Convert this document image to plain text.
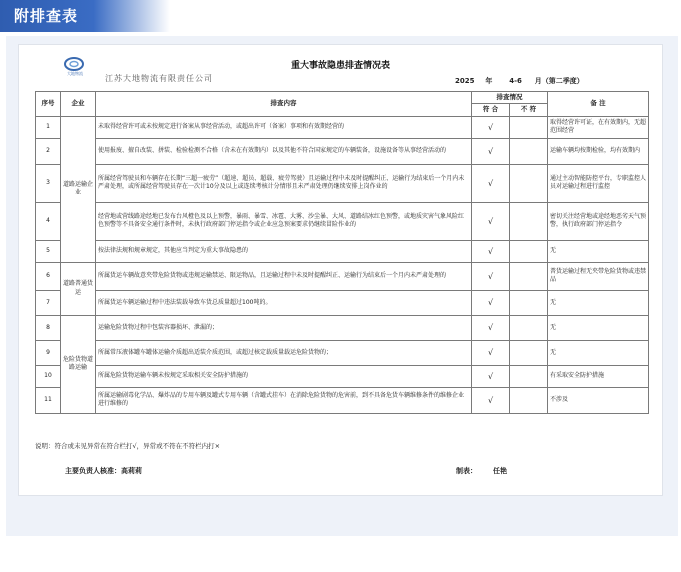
附排查表
大地物流
江苏大地物流有限责任公司
重大事故隐患排查情况表
2025 年 4-6 月（第二季度）
序号	企业	排查内容	排查情况		备 注
			符 合	不 符	
1	道路运输企业	未取得经营许可或未按规定进行备案从事经营活动，或超出许可（备案）事项和有效期经营的	√		取得经营许可证，在有效期内，无超范围经营
2		使用报废、擅自改装、拼装、检验检测不合格（含未在有效期内）以及其他不符合国家规定的车辆装备，设施设备等从事经营活动的	√		运输车辆均按期检验，均有效期内
3		所属经营驾驶员和车辆存在长期“三超一疲劳”（超速、超员、超载、疲劳驾驶）且运输过程中未及时提醒纠正、运输行为结束后一个月内未严肃处理，或所属经营驾驶员存在一次计10分及以上或连续考核计分情形且未严肃处理仍继续安排上岗作业的	√		通过主动智能防控平台，专职监控人员对运输过程进行监控
4		经营地或营线路途经地已发布台风橙色及以上预警，暴雨、暴雪、冰雹、大雾、沙尘暴、大风、道路结冰红色预警，或地质灾害气象风险红色预警等不具备安全通行条件时，未执行政府部门停运指令或企业应急预案要求仍继续冒险作业的	√		密切关注经营地或途经地恶劣天气预警，执行政府部门停运指令
5		按法律法规和规章规定，其他应当判定为重大事故隐患的	√		无
6	道路普通货运	所属货运车辆故意夹带危险货物或违规运输禁运、限运物品，且运输过程中未及时提醒纠正、运输行为结束后一个月内未严肃处理的	√		普货运输过程无夹带危险货物或违禁品
7		所属货运车辆运输过程中违法装载导致车货总质量超过100吨的。	√		无
8	危险货物道路运输	运输危险货物过程中包装容器损坏、泄漏的；	√		无
9		所属常压液体罐车罐体运输介质超出适装介质范围，或超过核定载质量载运危险货物的；	√		无
10		所属危险货物运输车辆未按规定采取相关安全防护措施的	√		有采取安全防护措施
11		所属运输剧毒化学品、爆炸品的专用车辆及罐式专用车辆（含罐式挂车）在消除危险货物的危害前，到不具备危货车辆维修条件的维修企业进行维修的	√		不涉及
说明：符合或未见异常在符合栏打√，异常或不符在不符栏内打×
主要负责人核准：高莉莉	制表： 任艳
